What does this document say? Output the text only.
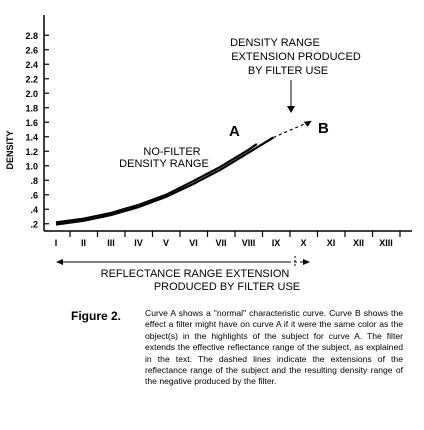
2.8
2.6
2.4
2.2
2.0
1.8
1.6
1.4
1.2
1.0
.8
.6
.4
.2
I	II III IV V VI VII VIII IX X XI XII XIII
DENSITY	A	B
NO-FILTER
DENSITY RANGE
DENSITY RANGE
EXTENSION PRODUCED
BY FILTER USE
REFLECTANCE RANGE EXTENSION
PRODUCED BY FILTER USE
Figure 2.	Curve A shows a "normal" characteristic curve. Curve B shows the effect a filter might have on curve A if it were the same color as the object(s) in the highlights of the subject for curve A. The filter extends the effective reflectance range of the subject, as explained in the text. The dashed lines indicate the extensions of the reflectance range of the subject and the resulting density range of the negative produced by the filter.
